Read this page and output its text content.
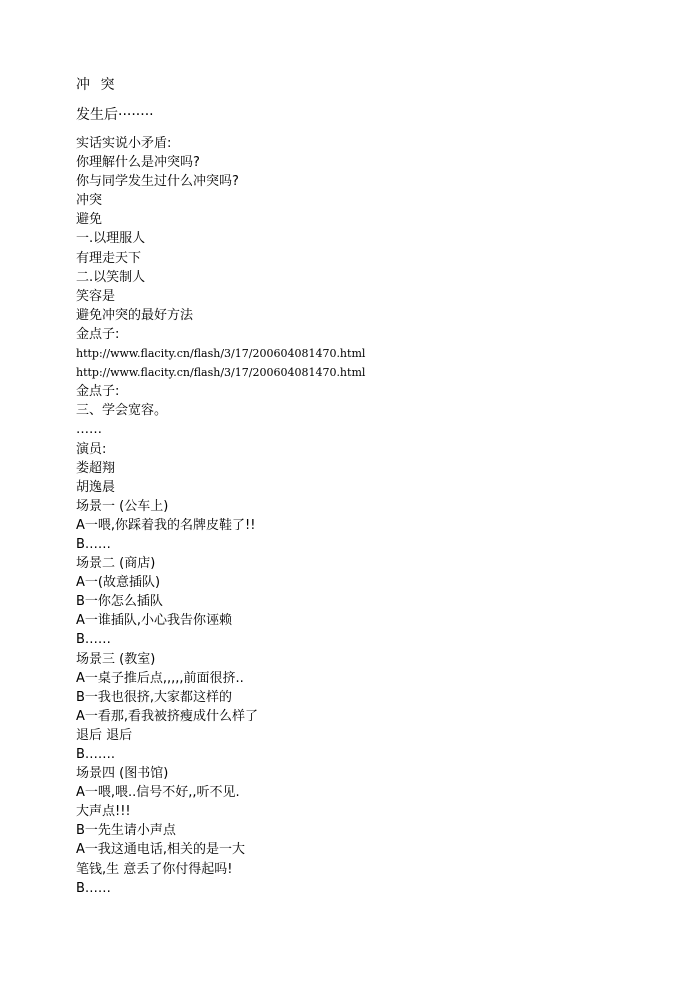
冲 突
发生后········
实话实说小矛盾:
你理解什么是冲突吗?
你与同学发生过什么冲突吗?
冲突
避免
一.以理服人
有理走天下
二.以笑制人
笑容是
避免冲突的最好方法
金点子:
http://www.flacity.cn/flash/3/17/200604081470.html
http://www.flacity.cn/flash/3/17/200604081470.html
金点子:
三、学会宽容。
……
演员:
娄超翔
胡逸晨
场景一 (公车上)
A一喂,你踩着我的名牌皮鞋了!!
B……
场景二 (商店)
A一(故意插队)
B一你怎么插队
A一谁插队,小心我告你诬赖
B……
场景三 (教室)
A一桌子推后点,,,,,前面很挤..
B一我也很挤,大家都这样的
A一看那,看我被挤瘦成什么样了
退后 退后
B…….
场景四 (图书馆)
A一喂,喂..信号不好,,听不见.
大声点!!!
B一先生请小声点
A一我这通电话,相关的是一大
笔钱,生 意丢了你付得起吗!
B……
